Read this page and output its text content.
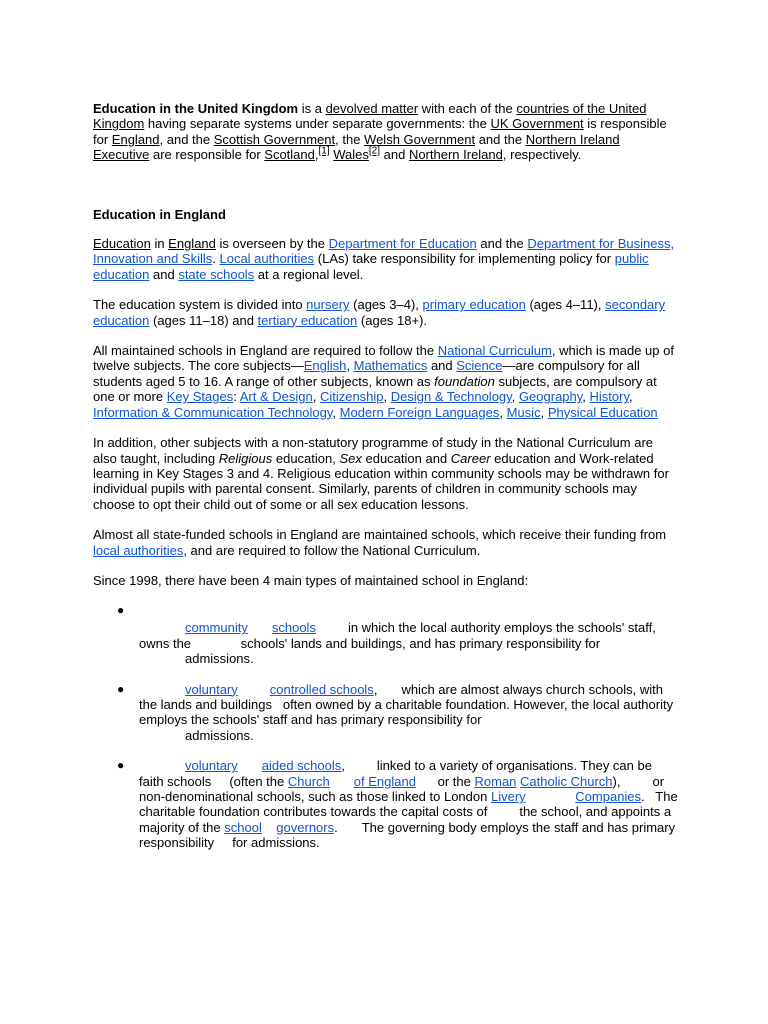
Education in the United Kingdom is a devolved matter with each of the countries of the United Kingdom having separate systems under separate governments: the UK Government is responsible for England, and the Scottish Government, the Welsh Government and the Northern Ireland Executive are responsible for Scotland,[1] Wales[2] and Northern Ireland, respectively.

Education in England

Education in England is overseen by the Department for Education and the Department for Business, Innovation and Skills. Local authorities (LAs) take responsibility for implementing policy for public education and state schools at a regional level.

The education system is divided into nursery (ages 3–4), primary education (ages 4–11), secondary education (ages 11–18) and tertiary education (ages 18+).

All maintained schools in England are required to follow the National Curriculum, which is made up of twelve subjects. The core subjects—English, Mathematics and Science—are compulsory for all students aged 5 to 16. A range of other subjects, known as foundation subjects, are compulsory at one or more Key Stages: Art & Design, Citizenship, Design & Technology, Geography, History, Information & Communication Technology, Modern Foreign Languages, Music, Physical Education

In addition, other subjects with a non-statutory programme of study in the National Curriculum are also taught, including Religious education, Sex education and Career education and Work-related learning in Key Stages 3 and 4. Religious education within community schools may be withdrawn for individual pupils with parental consent. Similarly, parents of children in community schools may choose to opt their child out of some or all sex education lessons.

Almost all state-funded schools in England are maintained schools, which receive their funding from local authorities, and are required to follow the National Curriculum.

Since 1998, there have been 4 main types of maintained school in England:

●
community schools in which the local authority employs the schools' staff, owns the	schools' lands and buildings, and has primary responsibility for
admissions.
●	voluntary controlled schools, which are almost always church schools, with the lands and buildings often owned by a charitable foundation. However, the local authority employs the schools' staff and has primary responsibility for
admissions.
●	voluntary aided schools, linked to a variety of organisations. They can be faith schools (often the Church of England or the Roman Catholic Church), or non-denominational schools, such as those linked to London Livery	Companies. The charitable foundation contributes towards the capital costs of the school, and appoints a majority of the school governors. The governing body employs the staff and has primary responsibility for admissions.
